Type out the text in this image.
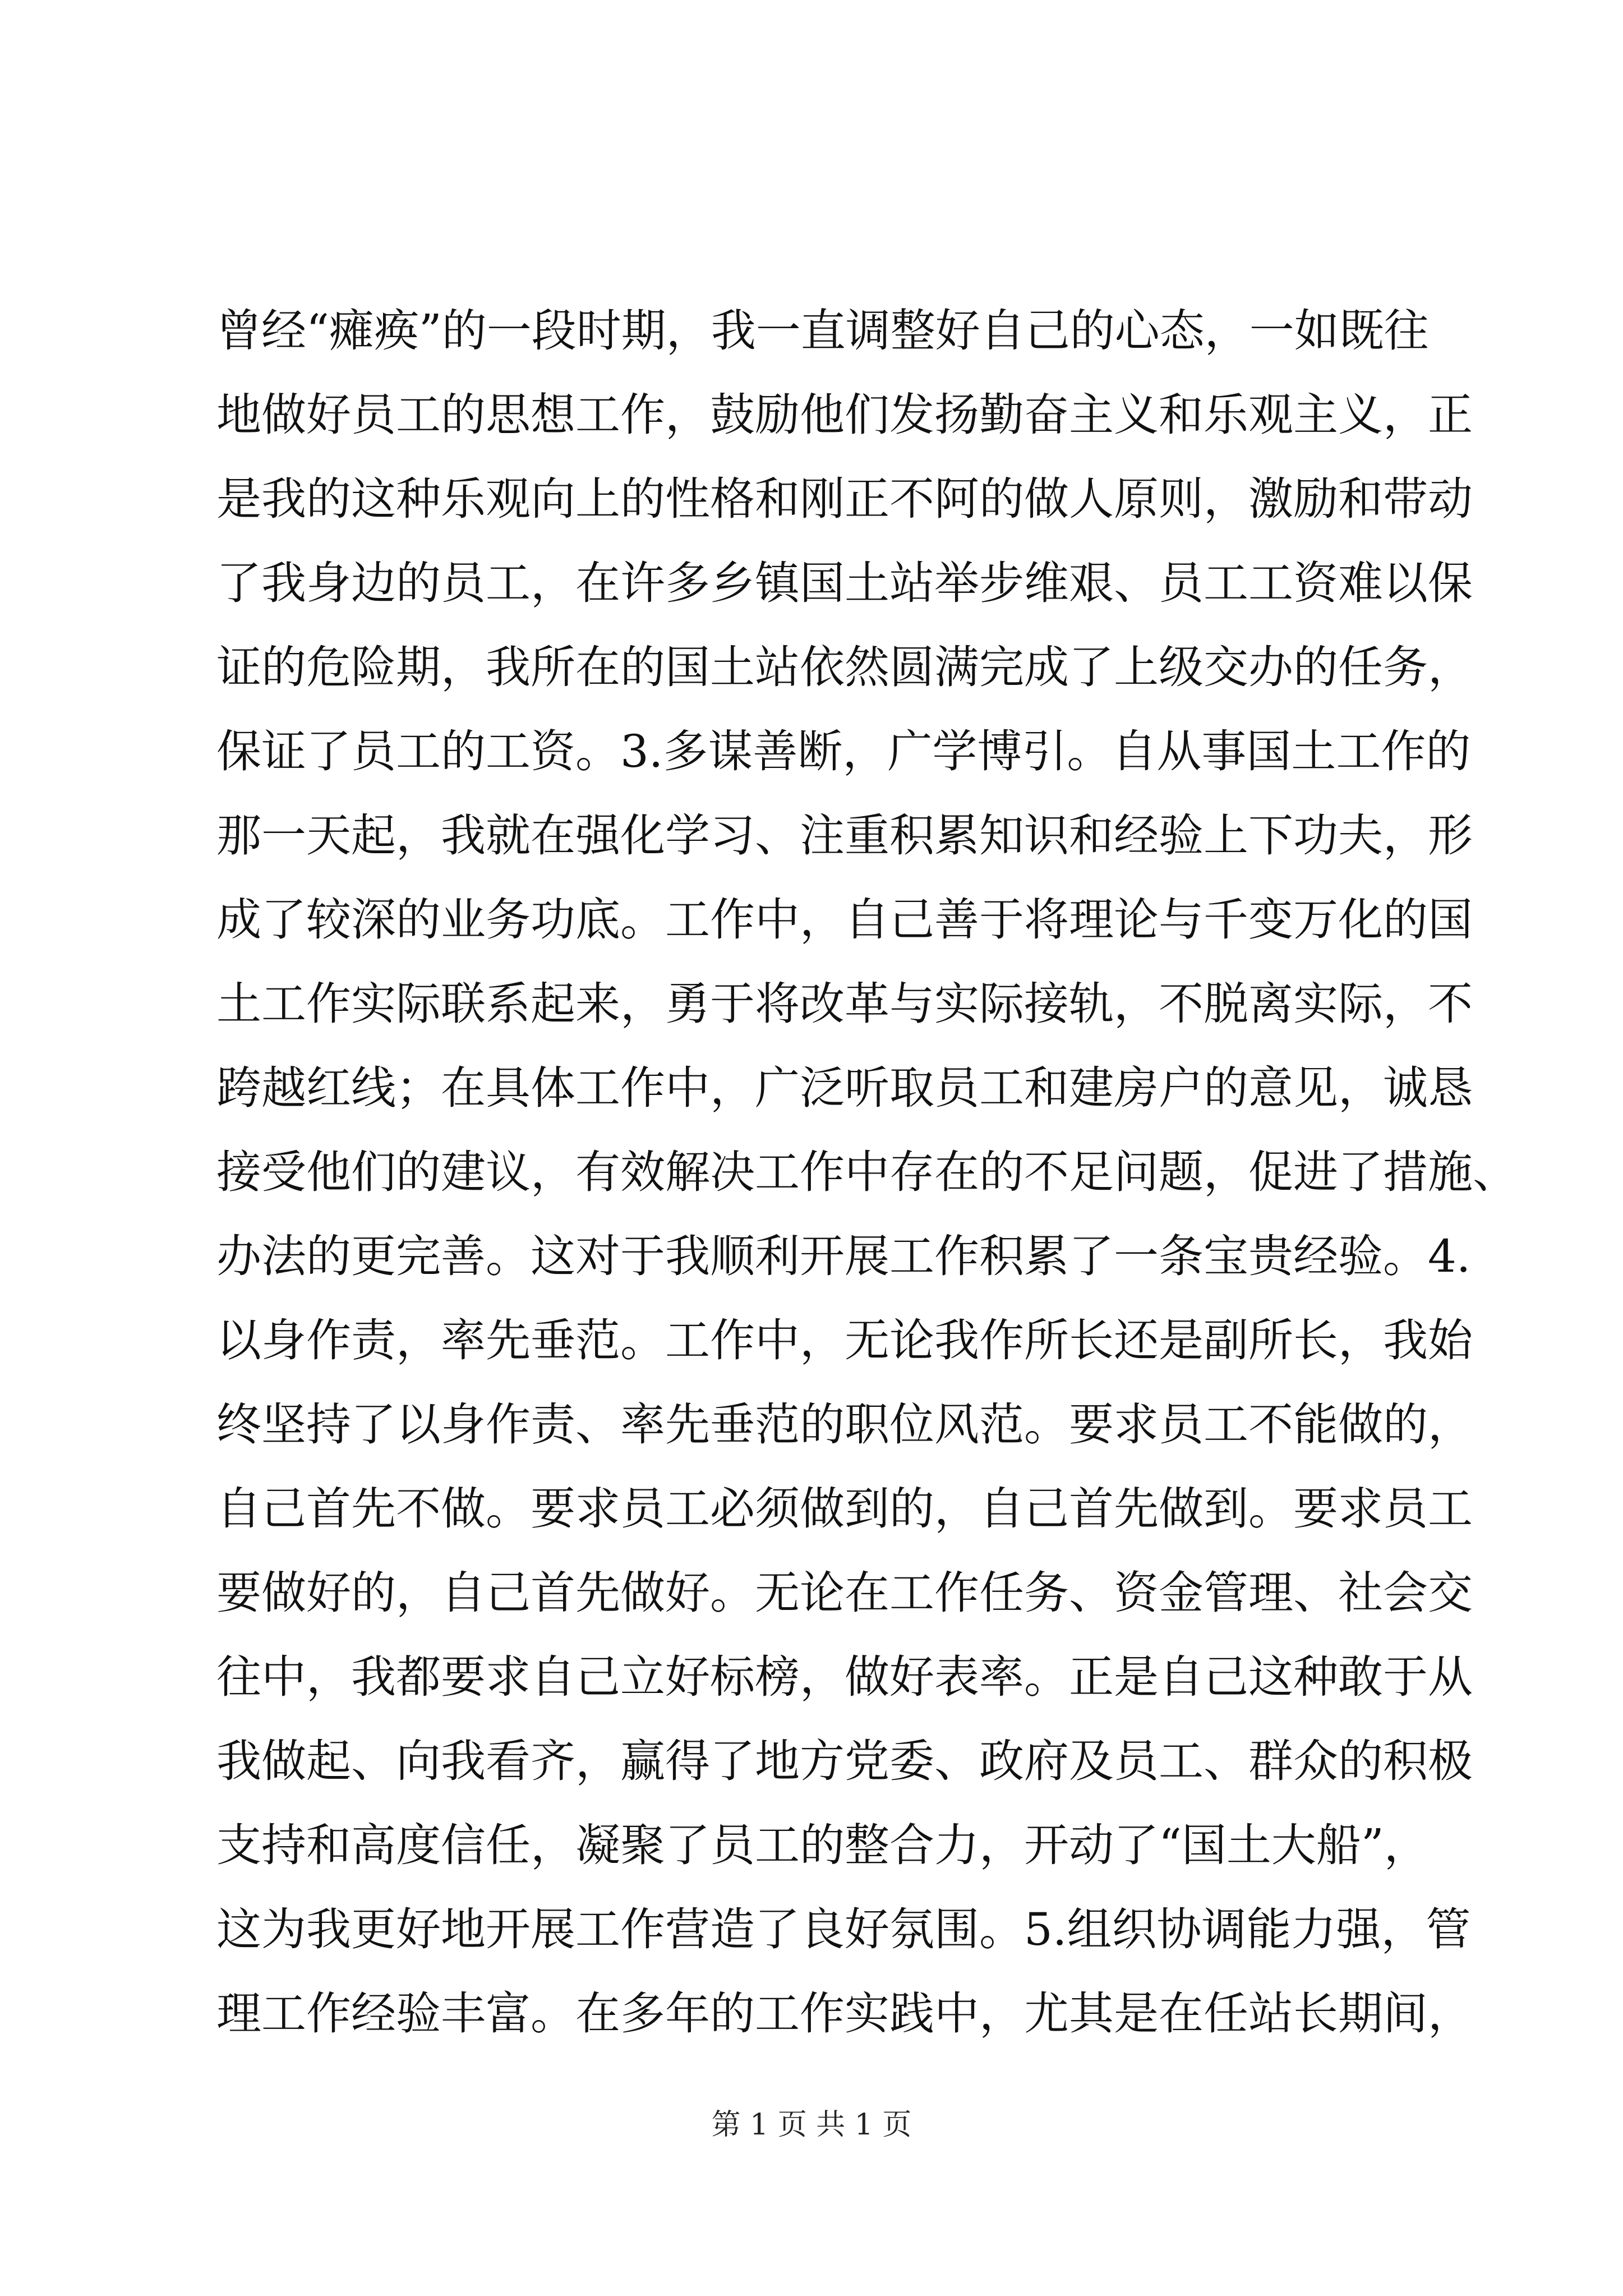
曾经“瘫痪”的一段时期，我一直调整好自己的心态，一如既往
地做好员工的思想工作，鼓励他们发扬勤奋主义和乐观主义，正
是我的这种乐观向上的性格和刚正不阿的做人原则，激励和带动
了我身边的员工，在许多乡镇国土站举步维艰、员工工资难以保
证的危险期，我所在的国土站依然圆满完成了上级交办的任务，
保证了员工的工资。3.多谋善断，广学博引。自从事国土工作的
那一天起，我就在强化学习、注重积累知识和经验上下功夫，形
成了较深的业务功底。工作中，自己善于将理论与千变万化的国
土工作实际联系起来，勇于将改革与实际接轨，不脱离实际，不
跨越红线；在具体工作中，广泛听取员工和建房户的意见，诚恳
接受他们的建议，有效解决工作中存在的不足问题，促进了措施、
办法的更完善。这对于我顺利开展工作积累了一条宝贵经验。4.
以身作责，率先垂范。工作中，无论我作所长还是副所长，我始
终坚持了以身作责、率先垂范的职位风范。要求员工不能做的，
自己首先不做。要求员工必须做到的，自己首先做到。要求员工
要做好的，自己首先做好。无论在工作任务、资金管理、社会交
往中，我都要求自己立好标榜，做好表率。正是自己这种敢于从
我做起、向我看齐，赢得了地方党委、政府及员工、群众的积极
支持和高度信任，凝聚了员工的整合力，开动了“国土大船”，
这为我更好地开展工作营造了良好氛围。5.组织协调能力强，管
理工作经验丰富。在多年的工作实践中，尤其是在任站长期间，
第 1 页 共 1 页
